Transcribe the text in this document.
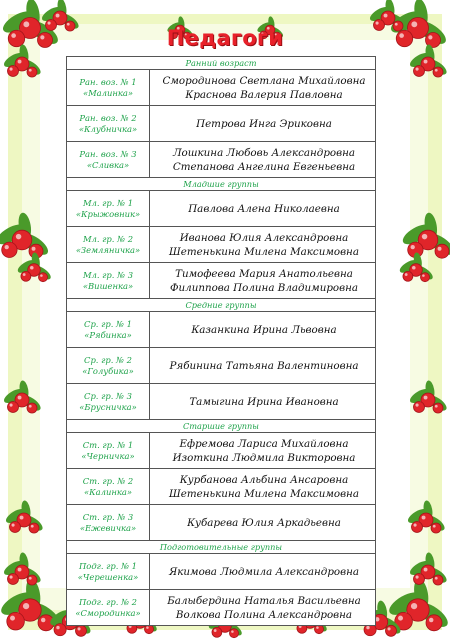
Педагоги
Ранний возраст	

Ран. воз. № 1
«Малинка»	Смородинова Светлана Михайловна
Краснова Валерия Павловна

Ран. воз. № 2
«Клубничка»	Петрова Инга Эриковна

Ран. воз. № 3
«Сливка»	Лошкина Любовь Александровна
Степанова Ангелина Евгеньевна

Младшие группы	

Мл. гр. № 1
«Крыжовник»	Павлова Алена Николаевна

Мл. гр. № 2
«Земляничка»	Иванова Юлия Александровна
Шетенькина Милена Максимовна

Мл. гр. № 3
«Вишенка»	Тимофеева Мария Анатольевна
Филиппова Полина Владимировна

Средние группы	

Ср. гр. № 1
«Рябинка»	Казанкина Ирина Львовна

Ср. гр. № 2
«Голубика»	Рябинина Татьяна Валентиновна

Ср. гр. № 3
«Брусничка»	Тамыгина Ирина Ивановна

Старшие группы	

Ст. гр. № 1
«Черничка»	Ефремова Лариса Михайловна
Изоткина Людмила Викторовна

Ст. гр. № 2
«Калинка»	Курбанова Альбина Ансаровна
Шетенькина Милена Максимовна

Ст. гр. № 3
«Ежевичка»	Кубарева Юлия Аркадьевна

Подготовительные группы	

Подг. гр. № 1
«Черешенка»	Якимова Людмила Александровна

Подг. гр. № 2
«Смородинка»	Балыбердина Наталья Васильевна
Волкова Полина Александровна
